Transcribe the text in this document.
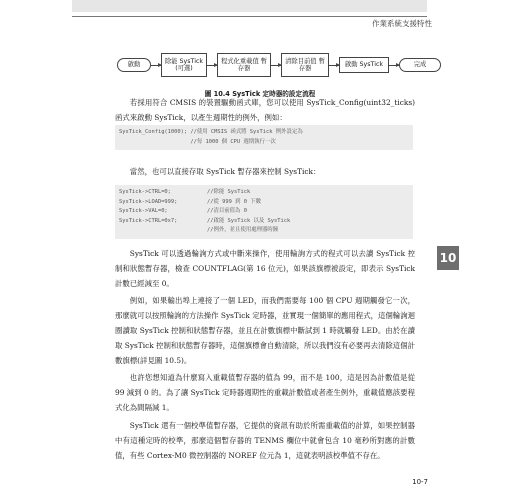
作業系統支援特性
啟動
除能 SysTick (可選)
程式化重載值 暫存器
清除目前值 暫存器
啟動 SysTick	完成
圖 10.4 SysTick 定時器的設定流程

若採用符合 CMSIS 的裝置驅動函式庫，您可以使用 SysTick_Config(uint32_ticks)函式來啟動 SysTick，以產生週期性的例外，例如：

SysTick_Config(1000); //使用 CMSIS 函式將 SysTick 例外設定為
//每 1000 個 CPU 週期執行一次

當然，也可以直接存取 SysTick 暫存器來控制 SysTick：

SysTick->CTRL=0;	//除能 SysTick
SysTick->LOAD=999;	//從 999 到 0 下數
SysTick->VAL=0;	//清目前值為 0
SysTick->CTRL=0x7;	//啟能 SysTick 以及 SysTick
//例外，並且使用處理器時鐘

SysTick 可以透過輪詢方式或中斷來操作，使用輪詢方式的程式可以去讀 SysTick 控制和狀態暫存器，檢查 COUNTFLAG(第 16 位元)，如果該旗標被設定，即表示 SysTick 計數已經減至 0。

例如，如果輸出埠上連接了一個 LED，而我們需要每 100 個 CPU 週期觸發它一次，那麼就可以按照輪詢的方法操作 SysTick 定時器，並實現一個簡單的應用程式，這個輪詢迴圈讀取 SysTick 控制和狀態暫存器，並且在計數旗標中斷試到 1 時就觸發 LED。由於在讀取 SysTick 控制和狀態暫存器時，這個旗標會自動清除，所以我們沒有必要再去清除這個計數旗標(詳見圖 10.5)。

也許您想知道為什麼寫入重載值暫存器的值為 99，而不是 100，這是因為計數值是從 99 減到 0 的。為了讓 SysTick 定時器週期性的重載計數值或者產生例外，重載值應該要程式化為間隔減 1。

SysTick 還有一個校準值暫存器，它提供的資訊有助於所需重載值的計算，如果控制器中有這種定時的校準，那麼這個暫存器的 TENMS 欄位中就會包含 10 毫秒所對應的計數值，有些 Cortex-M0 微控制器的 NOREF 位元為 1，這就表明該校準值不存在。

10
10-7
